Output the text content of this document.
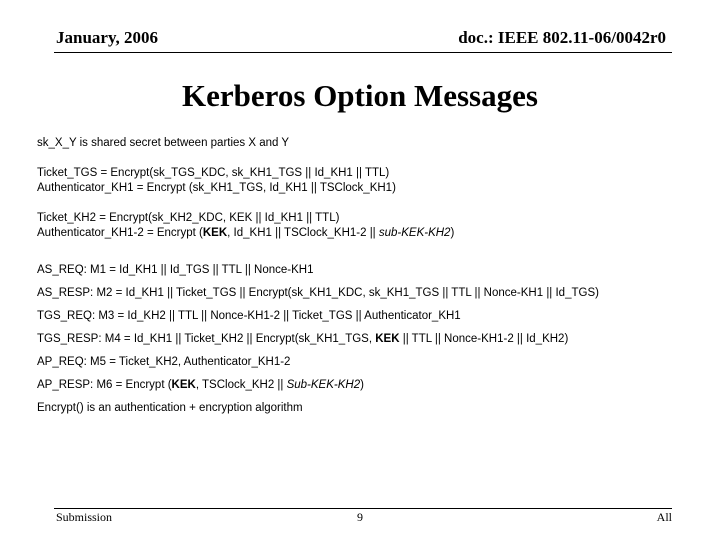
January, 2006	doc.: IEEE 802.11-06/0042r0
Kerberos Option Messages
sk_X_Y is shared secret between parties X and Y
Ticket_TGS = Encrypt(sk_TGS_KDC, sk_KH1_TGS || Id_KH1 || TTL)
Authenticator_KH1 = Encrypt (sk_KH1_TGS, Id_KH1 || TSClock_KH1)
Ticket_KH2 = Encrypt(sk_KH2_KDC, KEK || Id_KH1 || TTL)
Authenticator_KH1-2 = Encrypt (KEK, Id_KH1 || TSClock_KH1-2 || sub-KEK-KH2)
AS_REQ: M1 = Id_KH1 || Id_TGS || TTL || Nonce-KH1
AS_RESP: M2 = Id_KH1 || Ticket_TGS || Encrypt(sk_KH1_KDC, sk_KH1_TGS || TTL || Nonce-KH1 || Id_TGS)
TGS_REQ: M3 = Id_KH2 || TTL || Nonce-KH1-2 || Ticket_TGS || Authenticator_KH1
TGS_RESP: M4 = Id_KH1 || Ticket_KH2 || Encrypt(sk_KH1_TGS, KEK || TTL || Nonce-KH1-2 || Id_KH2)
AP_REQ: M5 = Ticket_KH2, Authenticator_KH1-2
AP_RESP: M6 = Encrypt (KEK, TSClock_KH2 || Sub-KEK-KH2)
Encrypt() is an authentication + encryption algorithm
Submission	9	All
